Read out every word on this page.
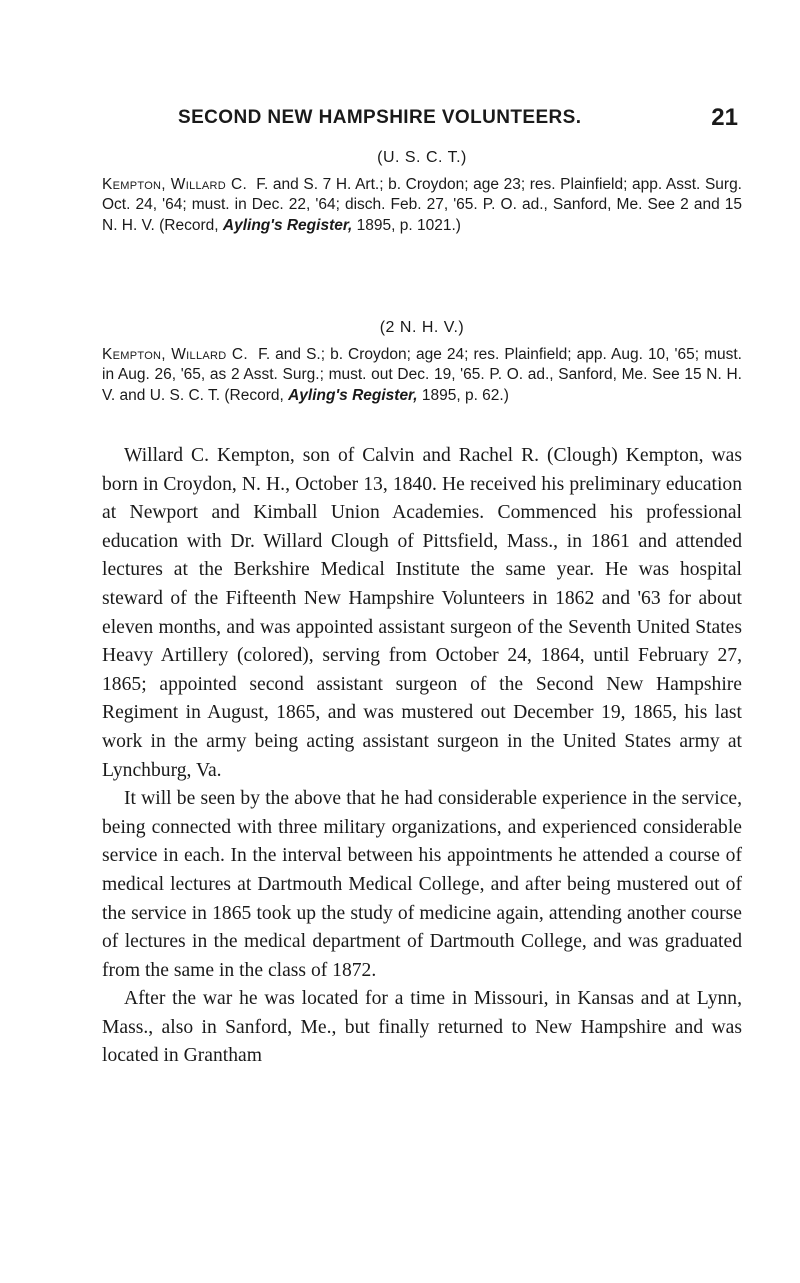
SECOND NEW HAMPSHIRE VOLUNTEERS.	21
(U. S. C. T.)

Kempton, Willard C. F. and S. 7 H. Art.; b. Croydon; age 23; res. Plainfield; app. Asst. Surg. Oct. 24, '64; must. in Dec. 22, '64; disch. Feb. 27, '65. P. O. ad., Sanford, Me. See 2 and 15 N. H. V. (Record, Ayling's Register, 1895, p. 1021.)

(2 N. H. V.)

Kempton, Willard C. F. and S.; b. Croydon; age 24; res. Plainfield; app. Aug. 10, '65; must. in Aug. 26, '65, as 2 Asst. Surg.; must. out Dec. 19, '65. P. O. ad., Sanford, Me. See 15 N. H. V. and U. S. C. T. (Record, Ayling's Register, 1895, p. 62.)

Willard C. Kempton, son of Calvin and Rachel R. (Clough) Kempton, was born in Croydon, N. H., October 13, 1840. He received his preliminary education at Newport and Kimball Union Academies. Commenced his professional education with Dr. Willard Clough of Pittsfield, Mass., in 1861 and attended lectures at the Berkshire Medical Institute the same year. He was hospital steward of the Fifteenth New Hampshire Volunteers in 1862 and '63 for about eleven months, and was appointed assistant surgeon of the Seventh United States Heavy Artillery (colored), serving from October 24, 1864, until February 27, 1865; appointed second assistant surgeon of the Second New Hampshire Regiment in August, 1865, and was mustered out December 19, 1865, his last work in the army being acting assistant surgeon in the United States army at Lynchburg, Va.

It will be seen by the above that he had considerable experience in the service, being connected with three military organizations, and experienced considerable service in each. In the interval between his appointments he attended a course of medical lectures at Dartmouth Medical College, and after being mustered out of the service in 1865 took up the study of medicine again, attending another course of lectures in the medical department of Dartmouth College, and was graduated from the same in the class of 1872.

After the war he was located for a time in Missouri, in Kansas and at Lynn, Mass., also in Sanford, Me., but finally returned to New Hampshire and was located in Grantham
